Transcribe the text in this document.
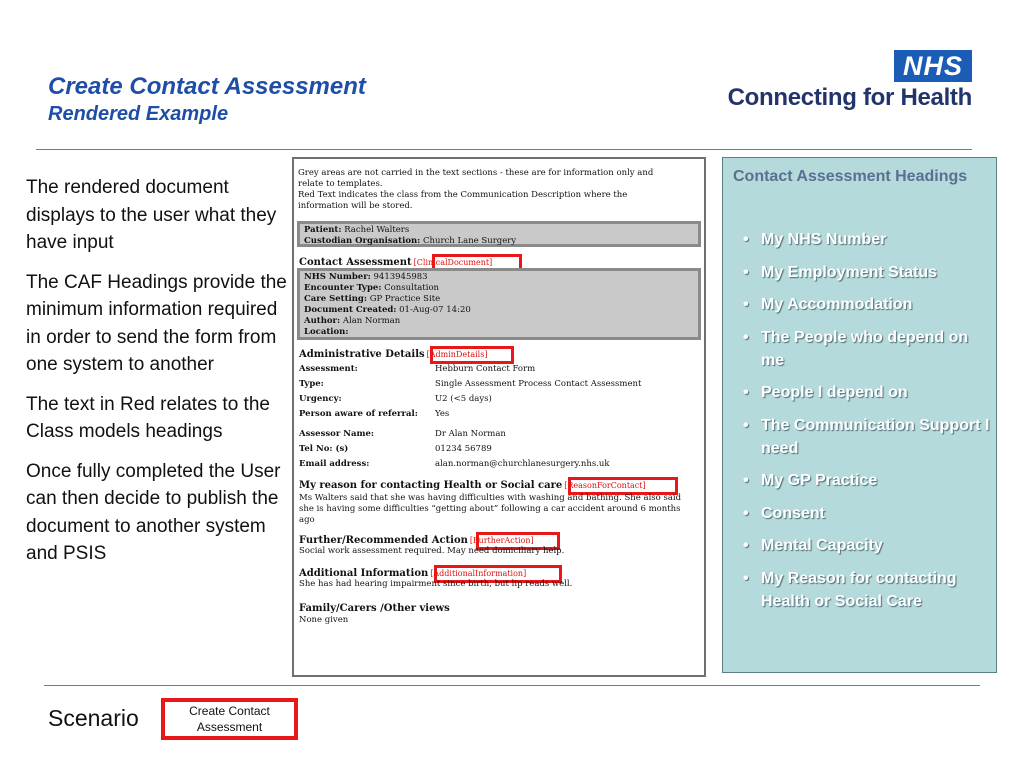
Create Contact Assessment
Rendered Example
NHS
Connecting for Health

The rendered document displays to the user what they have input

The CAF Headings provide the minimum information required in order to send the form from one system to another

The text in Red relates to the Class models headings

Once fully completed the User can then decide to publish the document to another system and PSIS

Grey areas are not carried in the text sections - these are for information only and
relate to templates.
Red Text indicates the class from the Communication Description where the
information will be stored.
Patient: Rachel Walters
Custodian Organisation: Church Lane Surgery
Contact Assessment [ClinicalDocument]
NHS Number: 9413945983
Encounter Type: Consultation
Care Setting: GP Practice Site
Document Created: 01-Aug-07 14:20
Author: Alan Norman
Location:
Administrative Details [AdminDetails]
Assessment:	Hebburn Contact Form
Type:	Single Assessment Process Contact Assessment
Urgency:	U2 (<5 days)
Person aware of referral: Yes
Assessor Name:	Dr Alan Norman
Tel No: (s)	01234 56789
Email address:	alan.norman@churchlanesurgery.nhs.uk
My reason for contacting Health or Social care [ReasonForContact]
Ms Walters said that she was having difficulties with washing and bathing. She also said she is having some difficulties “getting about” following a car accident around 6 months ago
Further/Recommended Action [FurtherAction]
Social work assessment required. May need domiciliary help.
Additional Information [AdditionalInformation]
She has had hearing impairment since birth, but lip reads well.
Family/Carers /Other views
None given
Contact Assessment Headings
• My NHS Number
• My Employment Status
• My Accommodation
• The People who depend on me
• People I depend on
• The Communication Support I need
• My GP Practice
• Consent
• Mental Capacity
• My Reason for contacting Health or Social Care
Scenario	Create Contact Assessment
